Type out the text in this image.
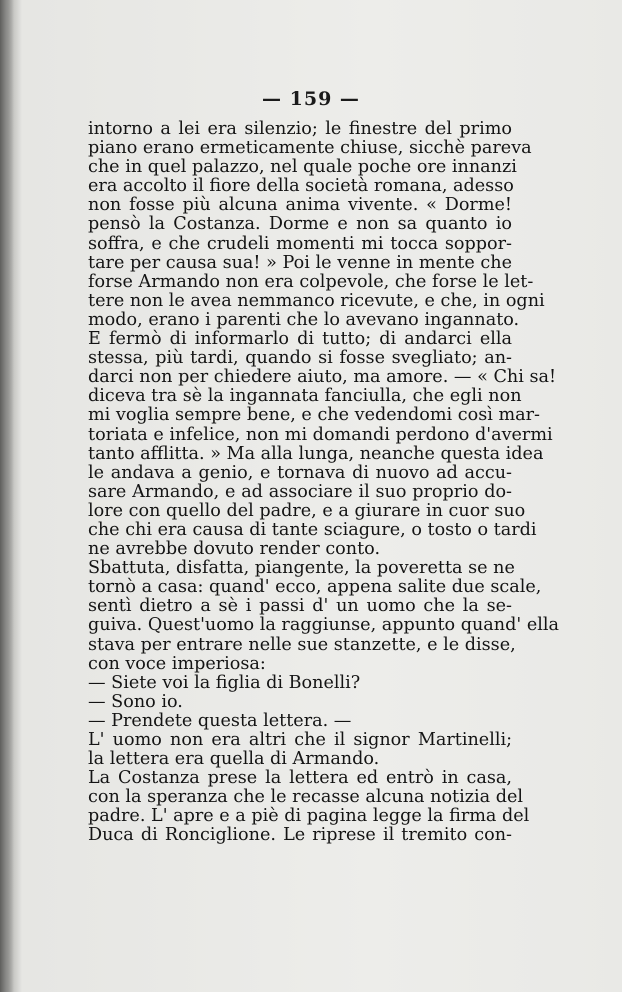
— 159 —
intorno a lei era silenzio; le finestre del primo
piano erano ermeticamente chiuse, sicchè pareva
che in quel palazzo, nel quale poche ore innanzi
era accolto il fiore della società romana, adesso
non fosse più alcuna anima vivente. « Dorme!
pensò la Costanza. Dorme e non sa quanto io
soffra, e che crudeli momenti mi tocca soppor-
tare per causa sua! » Poi le venne in mente che
forse Armando non era colpevole, che forse le let-
tere non le avea nemmanco ricevute, e che, in ogni
modo, erano i parenti che lo avevano ingannato.
E fermò di informarlo di tutto; di andarci ella
stessa, più tardi, quando si fosse svegliato; an-
darci non per chiedere aiuto, ma amore. — « Chi sa!
diceva tra sè la ingannata fanciulla, che egli non
mi voglia sempre bene, e che vedendomi così mar-
toriata e infelice, non mi domandi perdono d'avermi
tanto afflitta. » Ma alla lunga, neanche questa idea
le andava a genio, e tornava di nuovo ad accu-
sare Armando, e ad associare il suo proprio do-
lore con quello del padre, e a giurare in cuor suo
che chi era causa di tante sciagure, o tosto o tardi
ne avrebbe dovuto render conto.
Sbattuta, disfatta, piangente, la poveretta se ne
tornò a casa: quand' ecco, appena salite due scale,
sentì dietro a sè i passi d' un uomo che la se-
guiva. Quest'uomo la raggiunse, appunto quand' ella
stava per entrare nelle sue stanzette, e le disse,
con voce imperiosa:
— Siete voi la figlia di Bonelli?
— Sono io.
— Prendete questa lettera. —
L' uomo non era altri che il signor Martinelli;
la lettera era quella di Armando.
La Costanza prese la lettera ed entrò in casa,
con la speranza che le recasse alcuna notizia del
padre. L' apre e a piè di pagina legge la firma del
Duca di Ronciglione. Le riprese il tremito con-
